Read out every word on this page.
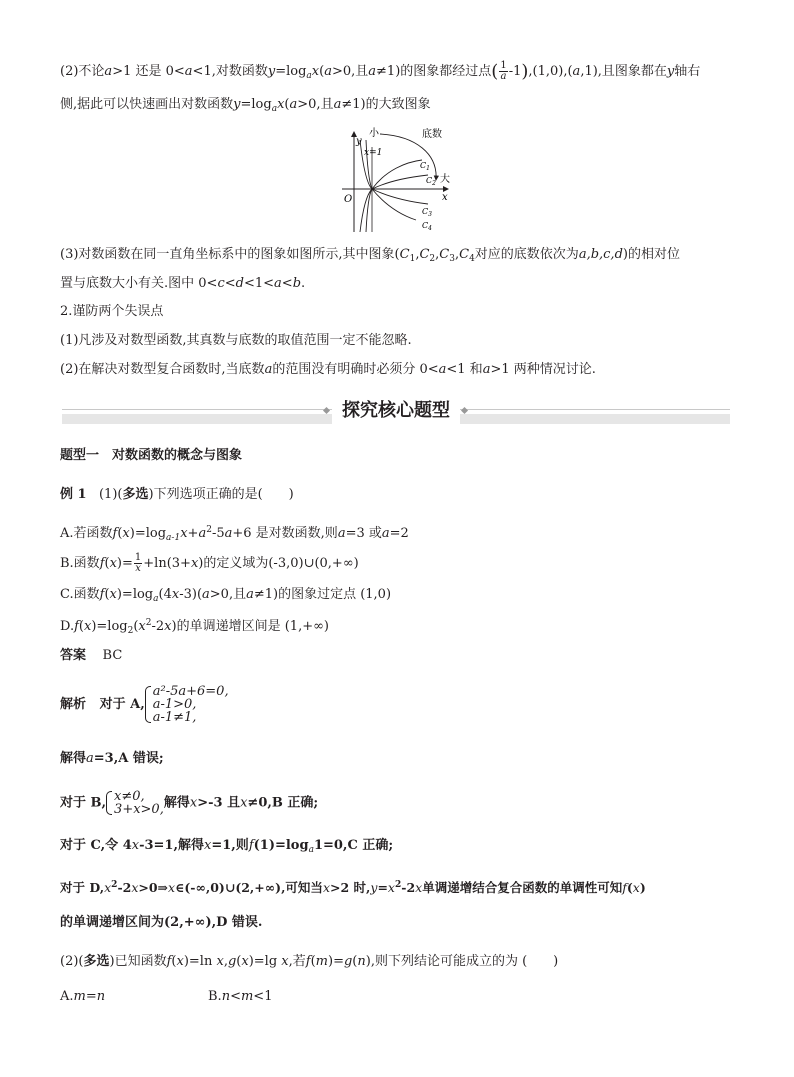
(2)不论a>1 还是 0<a<1,对数函数$y=\log_ax(a>0$,且a≠1)的图象都经过点( $\frac{1}{a}-1),(1,0),(a,1)$,且图象都在y轴右
侧,据此可以快速画出对数函数$y=\log_ax(a>0$,且a≠1)的大致图象
y
x
O
x=1
小	底数
大
$C_1$
$C_2$
$C_3$
$C_4$
(3)对数函数在同一直角坐标系中的图象如图所示,其中图象($C_1,C_2,C_3,C_4$对应的底数依次为a,b,c,d)的相对位
置与底数大小有关.图中 0<c<d<1<a<b.
2.谨防两个失误点
(1)凡涉及对数型函数,其真数与底数的取值范围一定不能忽略.
(2)在解决对数型复合函数时,当底数a的范围没有明确时必须分 0<a<1 和a>1 两种情况讨论.
探究核心题型
题型一　对数函数的概念与图象
例 1 (1)(多选)下列选项正确的是(　　)
A.若函数$f(x)=\log_{a-1}x+a^2-5a+6$ 是对数函数,则a=3 或a=2
B.函数$f(x)= \frac{1}{x}+\ln(3+x)$的定义域为(-3,0)∪(0,+∞)
C.函数$f(x)=\log_a(4x-3)(a>0$,且a≠1)的图象过定点 (1,0)
$D.f(x)=\log_2(x^2-2x)$的单调递增区间是 (1,+∞)
答案 BC
解析 对于 A,
a²-5a+6=0,
a-1>0,
a-1≠1,
解得a=3,A 错误;
对于 B, x≠0,
3+x>0, 解得x>-3 且x≠0,B 正确;
对于 C,令 4x-3=1,解得x=1,则$f(1)=\log_a1=0,C$ 正确;
对于 $D,x^2-2x>0\Rightarrow x\in(-\infty,0)\cup(2,+\infty)$,可知当x>2 时$,y=x^2-2x$单调递增结合复合函数的单调性可知f(x)
的单调递增区间为(2,+∞),D 错误.
(2)(多选)已知函数f(x)=ln x,g(x)=lg x,若f(m)=g(n),则下列结论可能成立的为 (　　)
A.m=n	B.n<m<1
